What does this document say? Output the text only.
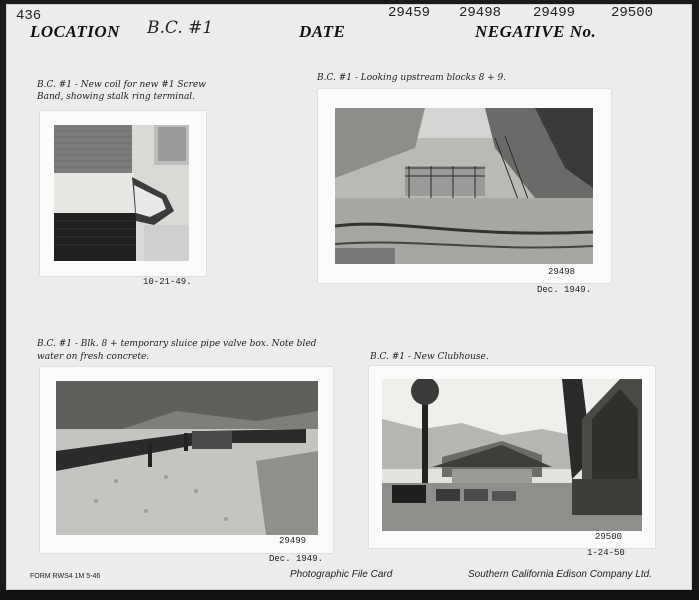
436
LOCATION B.C. #1	DATE	NEGATIVE No.
29459 29498 29499	29500
B.C. #1 - New coil for new #1 Screw Band, showing stalk ring terminal.
10-21-49.
B.C. #1 - Looking upstream blocks 8 + 9.
29498
Dec. 1949.
B.C. #1 - Blk. 8 + temporary sluice pipe valve box. Note bled water on fresh concrete.
29499
Dec. 1949.
B.C. #1 - New Clubhouse.
29500
1-24-50
FORM RWS4 1M 5-46	Photographic File Card	Southern California Edison Company Ltd.
